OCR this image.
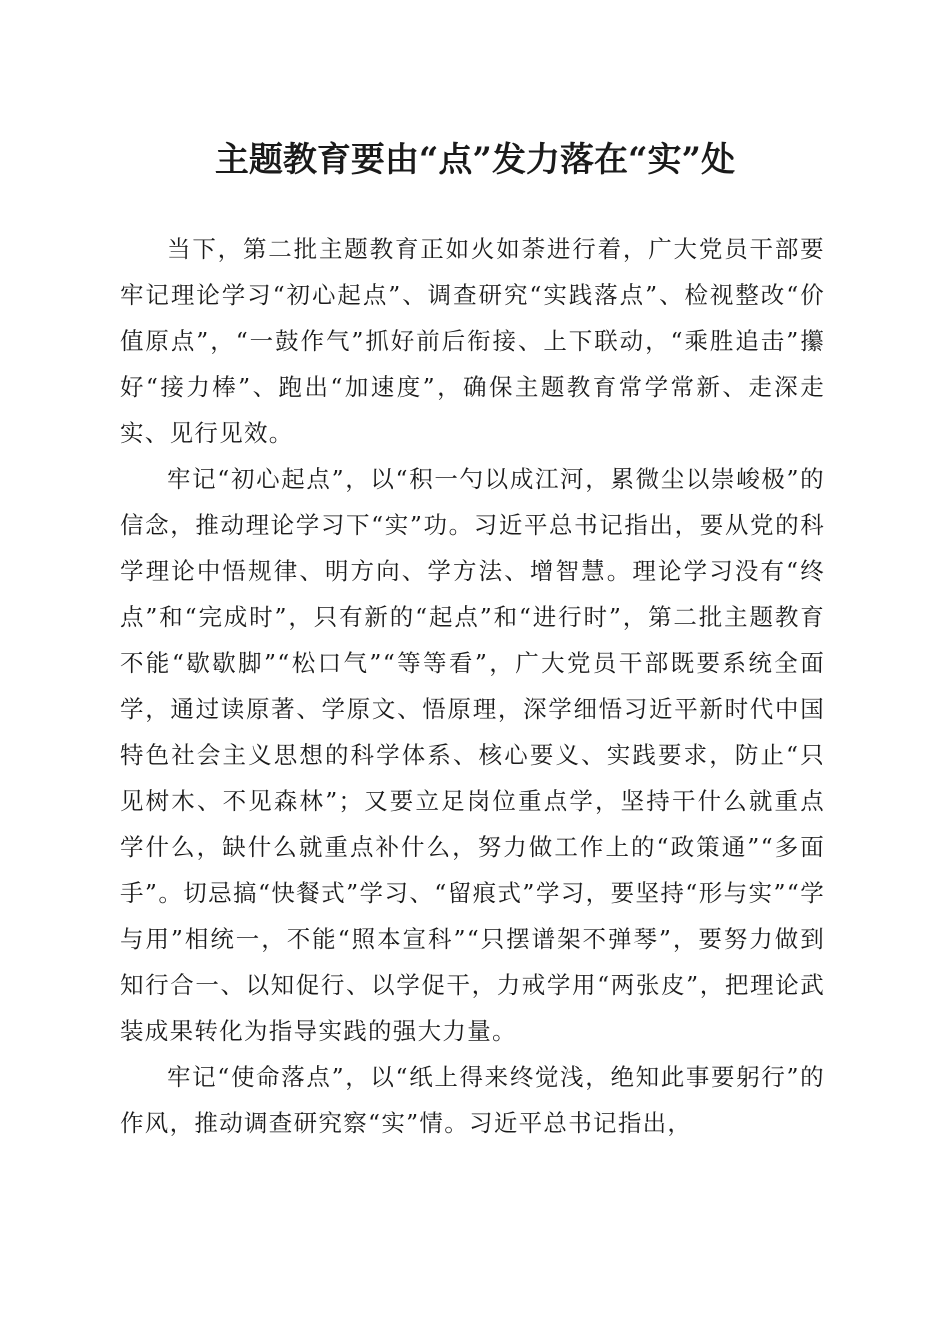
主题教育要由“点”发力落在“实”处

当下，第二批主题教育正如火如荼进行着，广大党员干部要牢记理论学习“初心起点”、调查研究“实践落点”、检视整改“价值原点”，“一鼓作气”抓好前后衔接、上下联动，“乘胜追击”攥好“接力棒”、跑出“加速度”，确保主题教育常学常新、走深走实、见行见效。

牢记“初心起点”，以“积一勺以成江河，累微尘以崇峻极”的信念，推动理论学习下“实”功。习近平总书记指出，要从党的科学理论中悟规律、明方向、学方法、增智慧。理论学习没有“终点”和“完成时”，只有新的“起点”和“进行时”，第二批主题教育不能“歇歇脚”“松口气”“等等看”，广大党员干部既要系统全面学，通过读原著、学原文、悟原理，深学细悟习近平新时代中国特色社会主义思想的科学体系、核心要义、实践要求，防止“只见树木、不见森林”；又要立足岗位重点学，坚持干什么就重点学什么，缺什么就重点补什么，努力做工作上的“政策通”“多面手”。切忌搞“快餐式”学习、“留痕式”学习，要坚持“形与实”“学与用”相统一，不能“照本宣科”“只摆谱架不弹琴”，要努力做到知行合一、以知促行、以学促干，力戒学用“两张皮”，把理论武装成果转化为指导实践的强大力量。

牢记“使命落点”，以“纸上得来终觉浅，绝知此事要躬行”的作风，推动调查研究察“实”情。习近平总书记指出，
